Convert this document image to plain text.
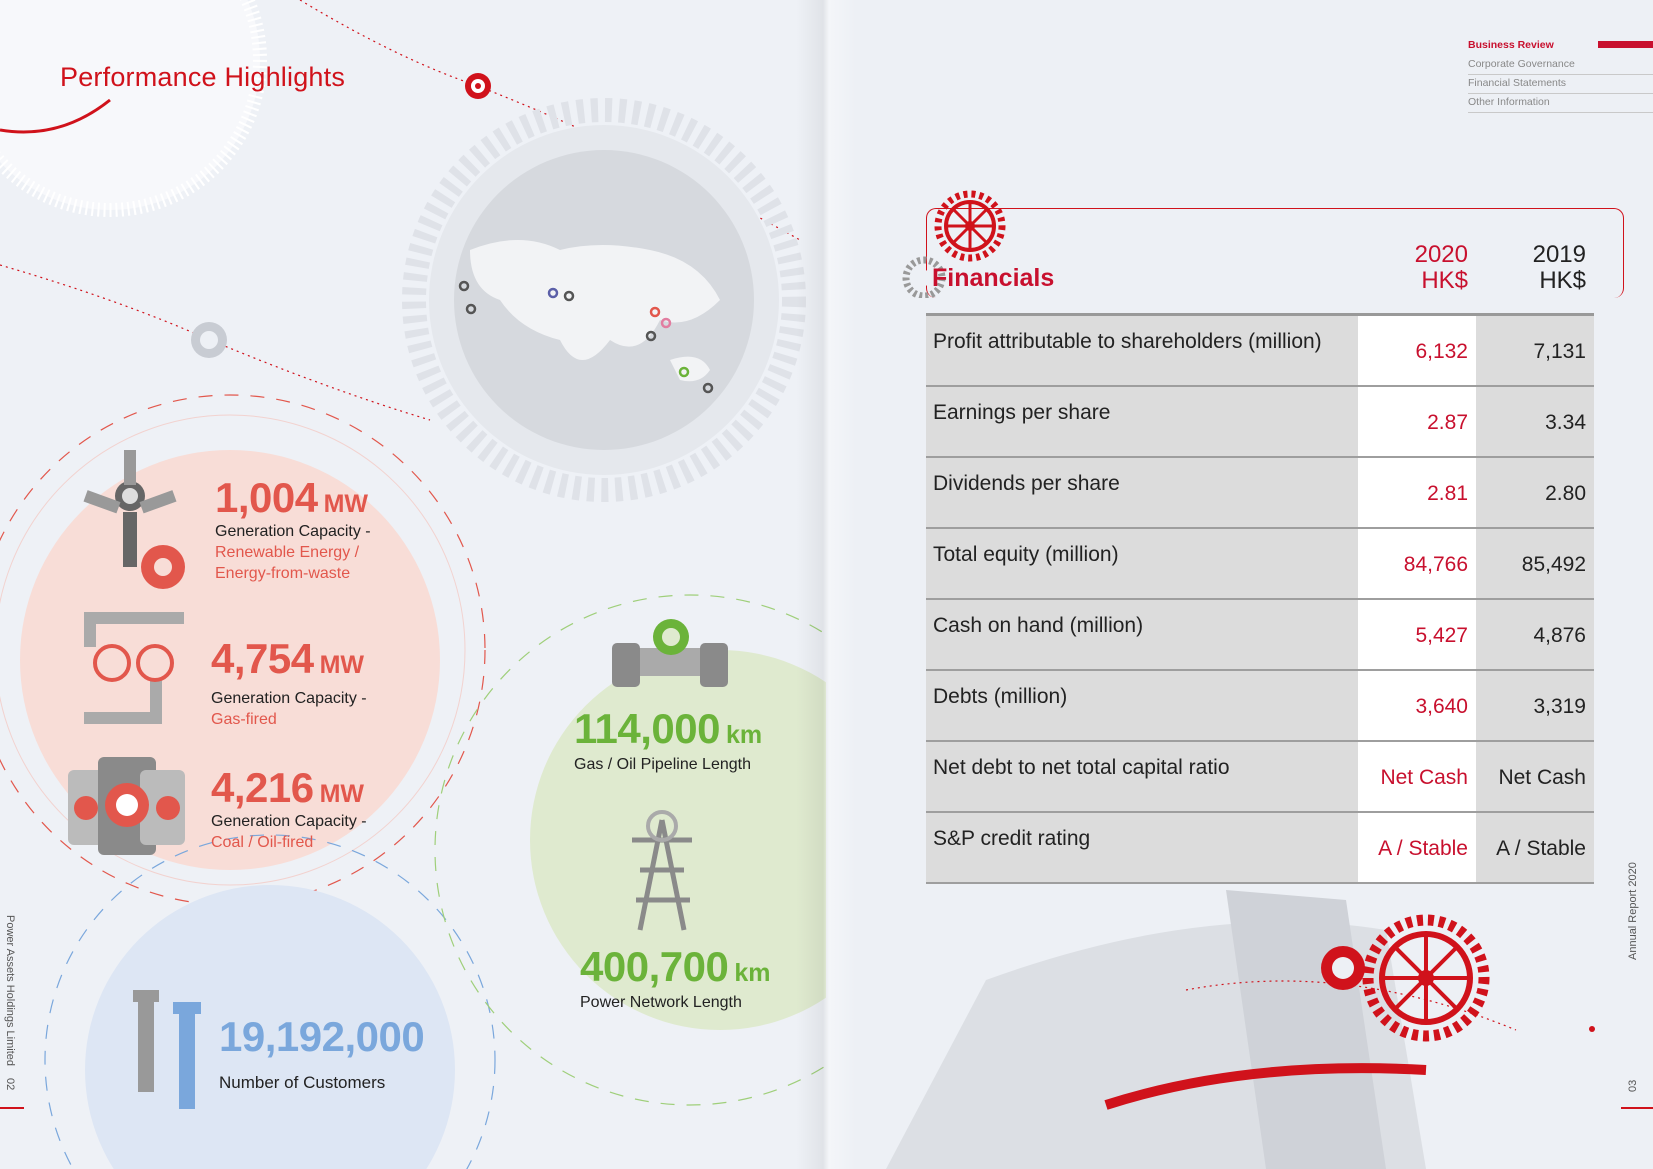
Performance Highlights
1,004 MW
Generation Capacity -
Renewable Energy /
Energy-from-waste
4,754 MW
Generation Capacity -
Gas-fired
4,216 MW
Generation Capacity -
Coal / Oil-fired
114,000 km
Gas / Oil Pipeline Length
400,700 km
Power Network Length
19,192,000
Number of Customers
Power Assets Holdings Limited
02
Annual Report 2020
03
Business Review
Corporate Governance
Financial Statements
Other Information
Financials
2020
HK$
2019
HK$
Profit attributable to shareholders (million)	6,132	7,131
Earnings per share	2.87	3.34
Dividends per share	2.81	2.80
Total equity (million)	84,766	85,492
Cash on hand (million)	5,427	4,876
Debts (million)	3,640	3,319
Net debt to net total capital ratio	Net Cash	Net Cash
S&P credit rating	A / Stable	A / Stable
